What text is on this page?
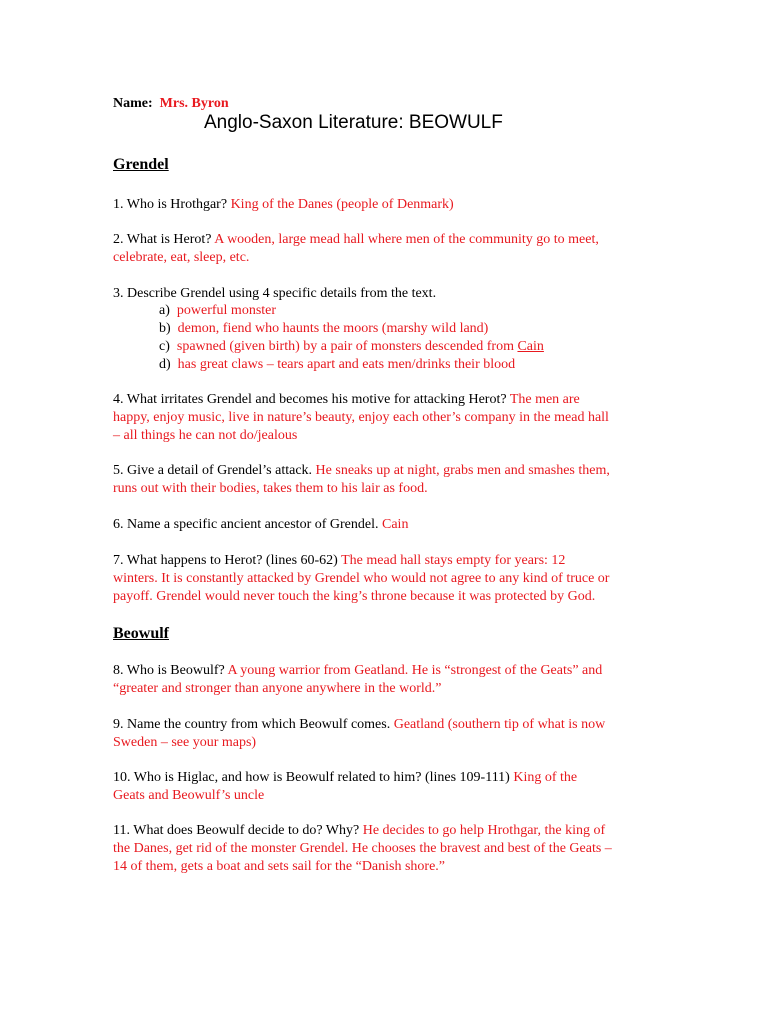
Name: Mrs. Byron
Anglo-Saxon Literature: BEOWULF
Grendel
1. Who is Hrothgar? King of the Danes (people of Denmark)
2. What is Herot? A wooden, large mead hall where men of the community go to meet,
celebrate, eat, sleep, etc.
3. Describe Grendel using 4 specific details from the text.
a) powerful monster
b) demon, fiend who haunts the moors (marshy wild land)
c) spawned (given birth) by a pair of monsters descended from Cain
d) has great claws – tears apart and eats men/drinks their blood
4. What irritates Grendel and becomes his motive for attacking Herot? The men are
happy, enjoy music, live in nature’s beauty, enjoy each other’s company in the mead hall
– all things he can not do/jealous
5. Give a detail of Grendel’s attack. He sneaks up at night, grabs men and smashes them,
runs out with their bodies, takes them to his lair as food.
6. Name a specific ancient ancestor of Grendel. Cain
7. What happens to Herot? (lines 60-62) The mead hall stays empty for years: 12
winters. It is constantly attacked by Grendel who would not agree to any kind of truce or
payoff. Grendel would never touch the king’s throne because it was protected by God.
Beowulf
8. Who is Beowulf? A young warrior from Geatland. He is “strongest of the Geats” and
“greater and stronger than anyone anywhere in the world.”
9. Name the country from which Beowulf comes. Geatland (southern tip of what is now
Sweden – see your maps)
10. Who is Higlac, and how is Beowulf related to him? (lines 109-111) King of the
Geats and Beowulf’s uncle
11. What does Beowulf decide to do? Why? He decides to go help Hrothgar, the king of
the Danes, get rid of the monster Grendel. He chooses the bravest and best of the Geats –
14 of them, gets a boat and sets sail for the “Danish shore.”
